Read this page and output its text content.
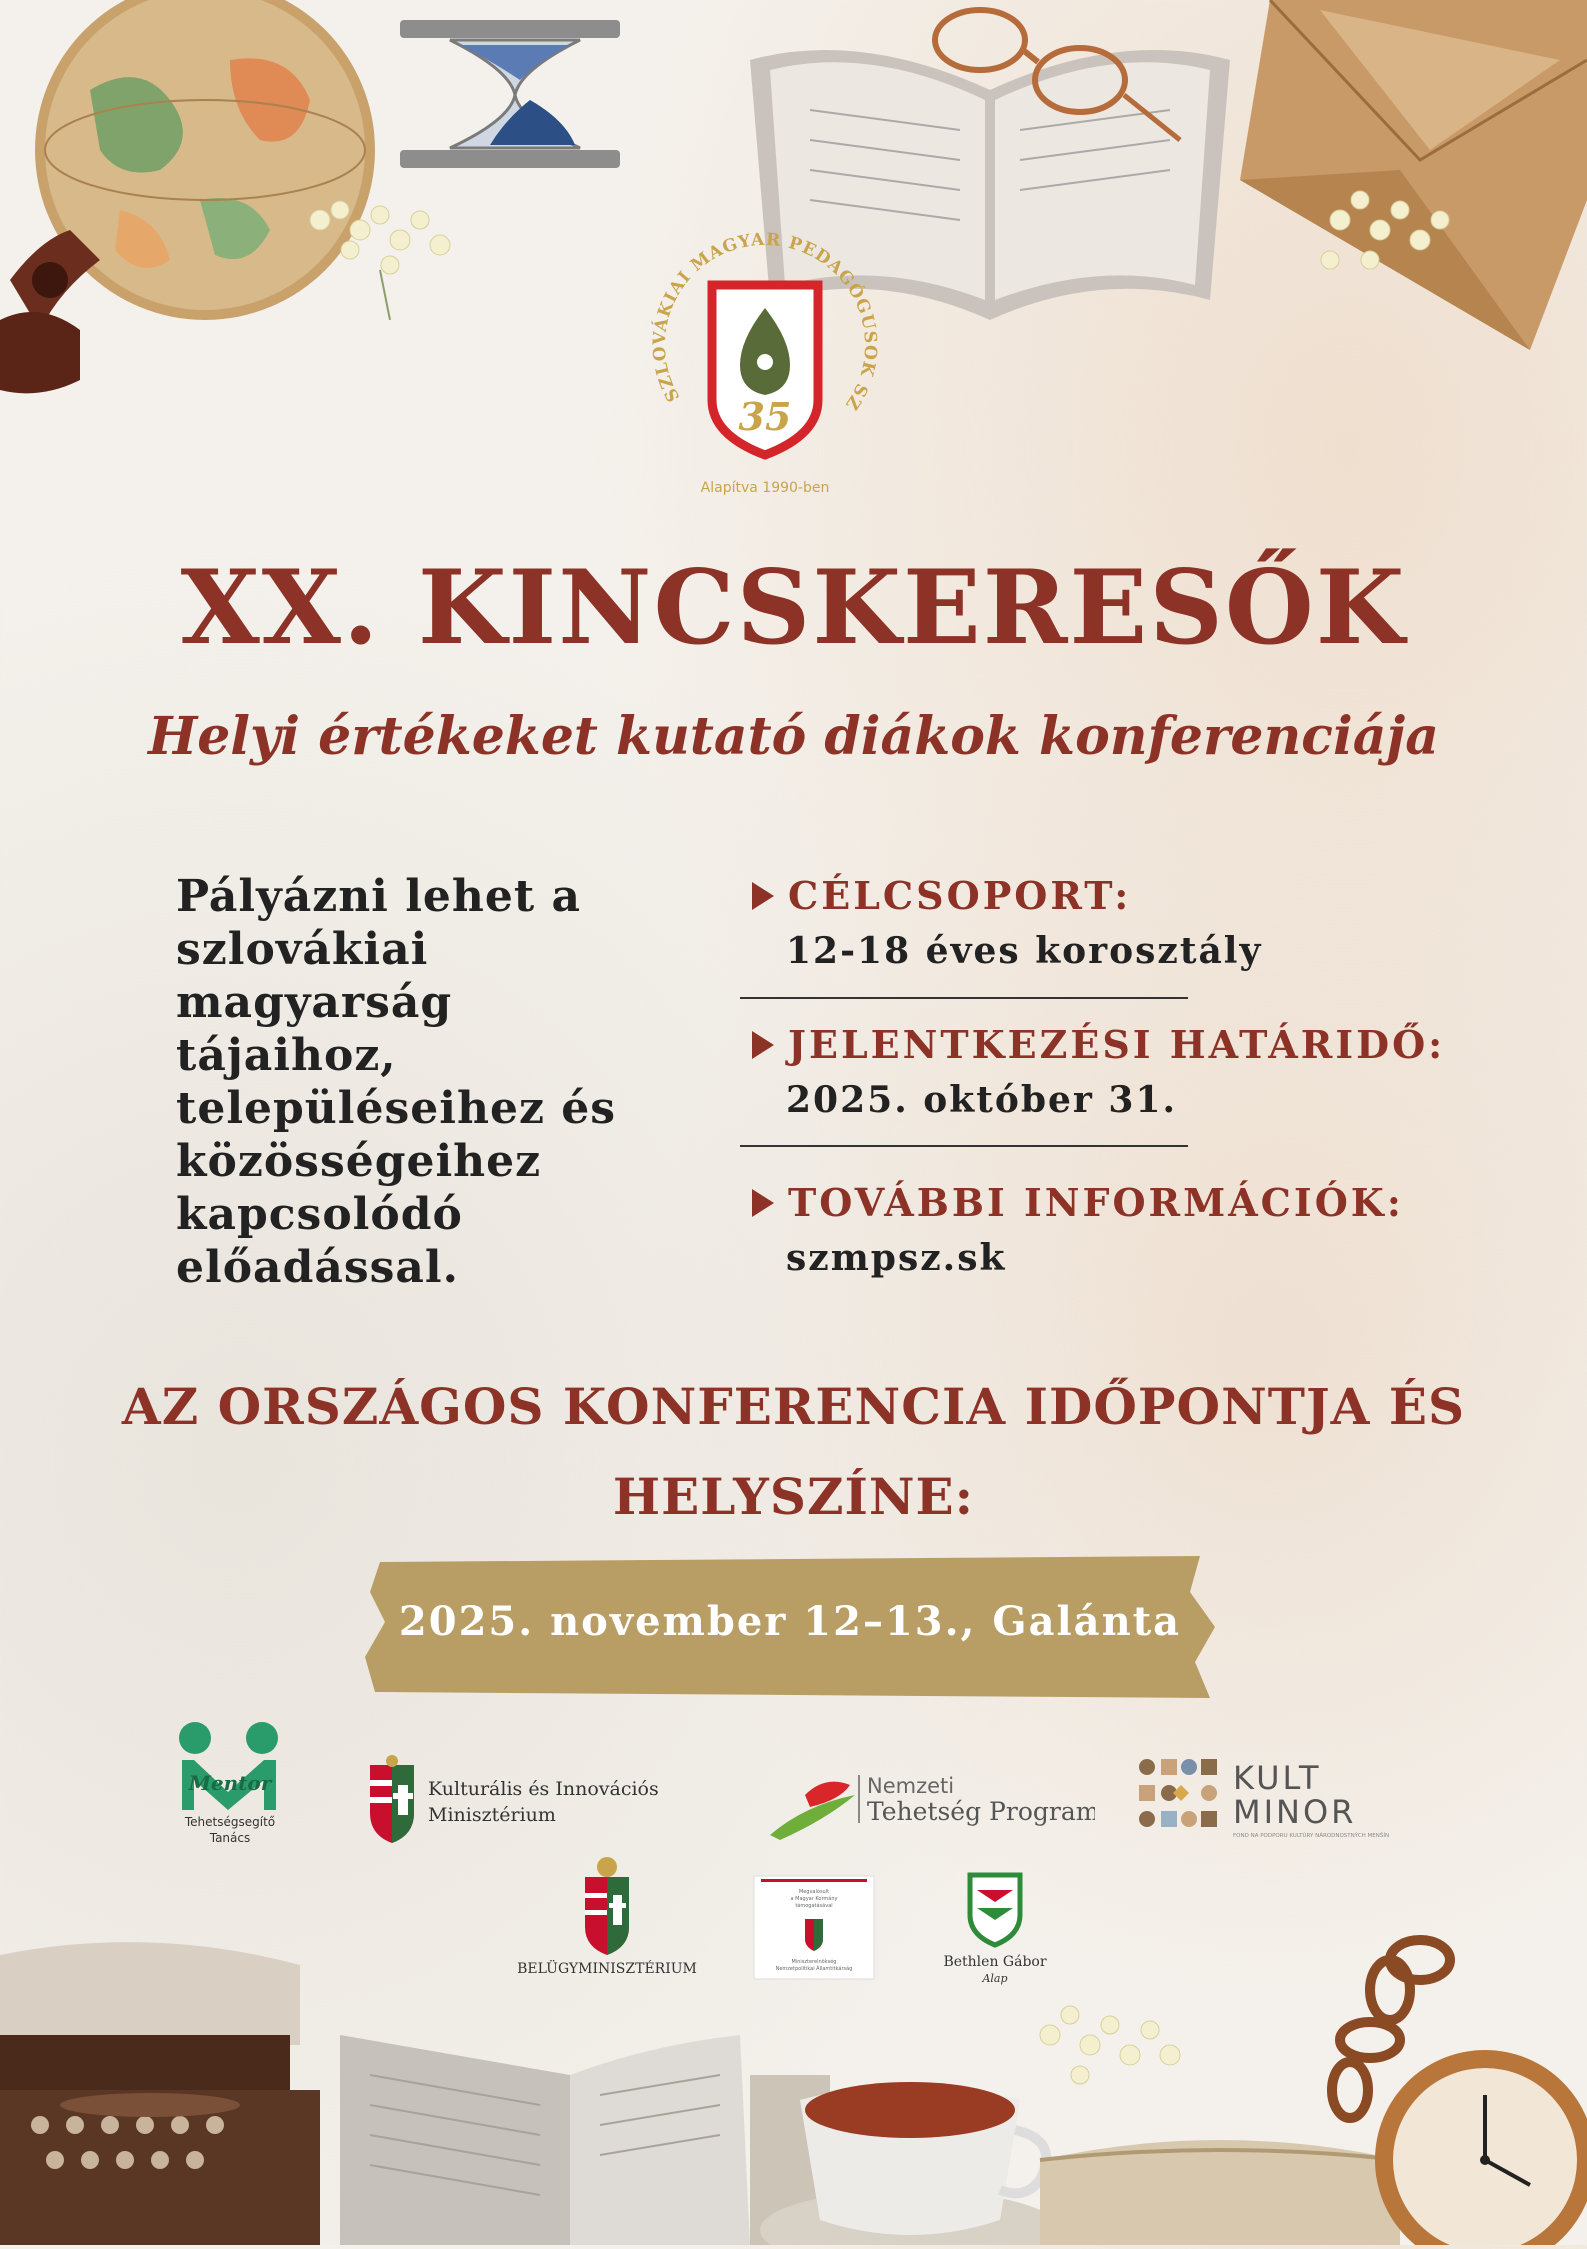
SZLOVÁKIAI MAGYAR PEDAGÓGUSOK SZ
35
Alapítva 1990-ben
XX. KINCSKERESŐK
Helyi értékeket kutató diákok konferenciája
Pályázni lehet a
szlovákiai magyarság
tájaihoz,
településeihez és
közösségeihez
kapcsolódó
előadással.
CÉLCSOPORT:
12-18 éves korosztály
JELENTKEZÉSI HATÁRIDŐ:
2025. október 31.
TOVÁBBI INFORMÁCIÓK:
szmpsz.sk
AZ ORSZÁGOS KONFERENCIA IDŐPONTJA ÉS
HELYSZÍNE:
2025. november 12–13., Galánta
Mentor
Tehetségsegítő
Tanács
Kulturális és Innovációs
Minisztérium
Nemzeti
Tehetség Program
KULT
MINOR
FOND NA PODPORU KULTÚRY NÁRODNOSTNÝCH MENŠÍN
BELÜGYMINISZTÉRIUM
Megvalósult
a Magyar Kormány
támogatásával
Miniszterelnökség
Nemzetpolitikai Államtitkárság	Bethlen Gábor
Alap
